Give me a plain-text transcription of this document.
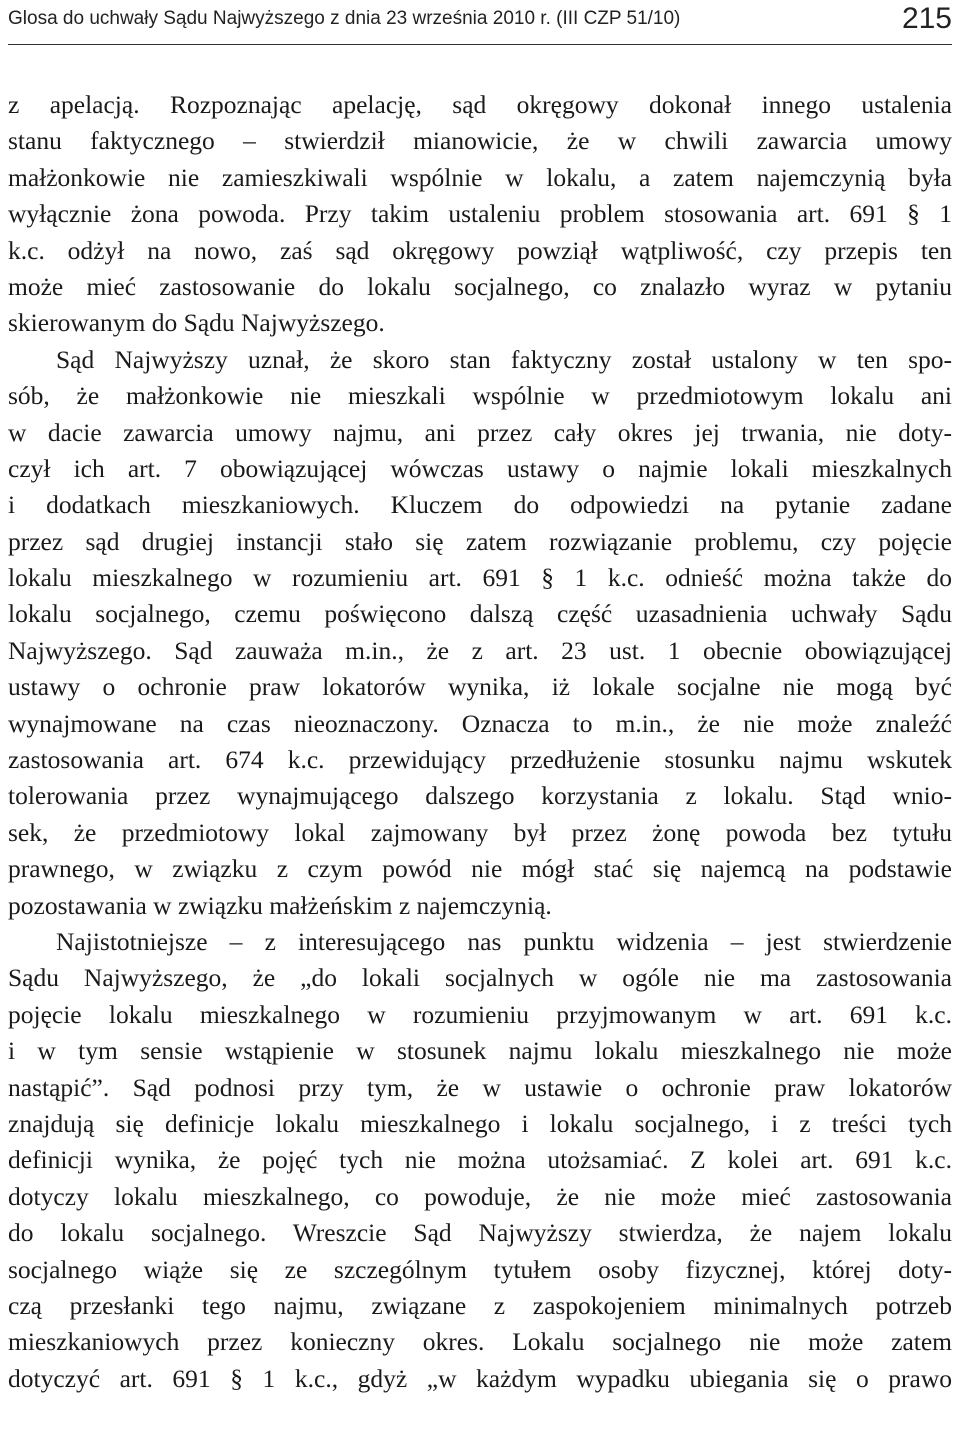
Glosa do uchwały Sądu Najwyższego z dnia 23 września 2010 r. (III CZP 51/10)	215
z apelacją. Rozpoznając apelację, sąd okręgowy dokonał innego ustalenia
stanu faktycznego – stwierdził mianowicie, że w chwili zawarcia umowy
małżonkowie nie zamieszkiwali wspólnie w lokalu, a zatem najemczynią była
wyłącznie żona powoda. Przy takim ustaleniu problem stosowania art. 691 § 1
k.c. odżył na nowo, zaś sąd okręgowy powziął wątpliwość, czy przepis ten
może mieć zastosowanie do lokalu socjalnego, co znalazło wyraz w pytaniu
skierowanym do Sądu Najwyższego.
Sąd Najwyższy uznał, że skoro stan faktyczny został ustalony w ten spo-
sób, że małżonkowie nie mieszkali wspólnie w przedmiotowym lokalu ani
w dacie zawarcia umowy najmu, ani przez cały okres jej trwania, nie doty-
czył ich art. 7 obowiązującej wówczas ustawy o najmie lokali mieszkalnych
i dodatkach mieszkaniowych. Kluczem do odpowiedzi na pytanie zadane
przez sąd drugiej instancji stało się zatem rozwiązanie problemu, czy pojęcie
lokalu mieszkalnego w rozumieniu art. 691 § 1 k.c. odnieść można także do
lokalu socjalnego, czemu poświęcono dalszą część uzasadnienia uchwały Sądu
Najwyższego. Sąd zauważa m.in., że z art. 23 ust. 1 obecnie obowiązującej
ustawy o ochronie praw lokatorów wynika, iż lokale socjalne nie mogą być
wynajmowane na czas nieoznaczony. Oznacza to m.in., że nie może znaleźć
zastosowania art. 674 k.c. przewidujący przedłużenie stosunku najmu wskutek
tolerowania przez wynajmującego dalszego korzystania z lokalu. Stąd wnio-
sek, że przedmiotowy lokal zajmowany był przez żonę powoda bez tytułu
prawnego, w związku z czym powód nie mógł stać się najemcą na podstawie
pozostawania w związku małżeńskim z najemczynią.
Najistotniejsze – z interesującego nas punktu widzenia – jest stwierdzenie
Sądu Najwyższego, że „do lokali socjalnych w ogóle nie ma zastosowania
pojęcie lokalu mieszkalnego w rozumieniu przyjmowanym w art. 691 k.c.
i w tym sensie wstąpienie w stosunek najmu lokalu mieszkalnego nie może
nastąpić”. Sąd podnosi przy tym, że w ustawie o ochronie praw lokatorów
znajdują się definicje lokalu mieszkalnego i lokalu socjalnego, i z treści tych
definicji wynika, że pojęć tych nie można utożsamiać. Z kolei art. 691 k.c.
dotyczy lokalu mieszkalnego, co powoduje, że nie może mieć zastosowania
do lokalu socjalnego. Wreszcie Sąd Najwyższy stwierdza, że najem lokalu
socjalnego wiąże się ze szczególnym tytułem osoby fizycznej, której doty-
czą przesłanki tego najmu, związane z zaspokojeniem minimalnych potrzeb
mieszkaniowych przez konieczny okres. Lokalu socjalnego nie może zatem
dotyczyć art. 691 § 1 k.c., gdyż „w każdym wypadku ubiegania się o prawo
